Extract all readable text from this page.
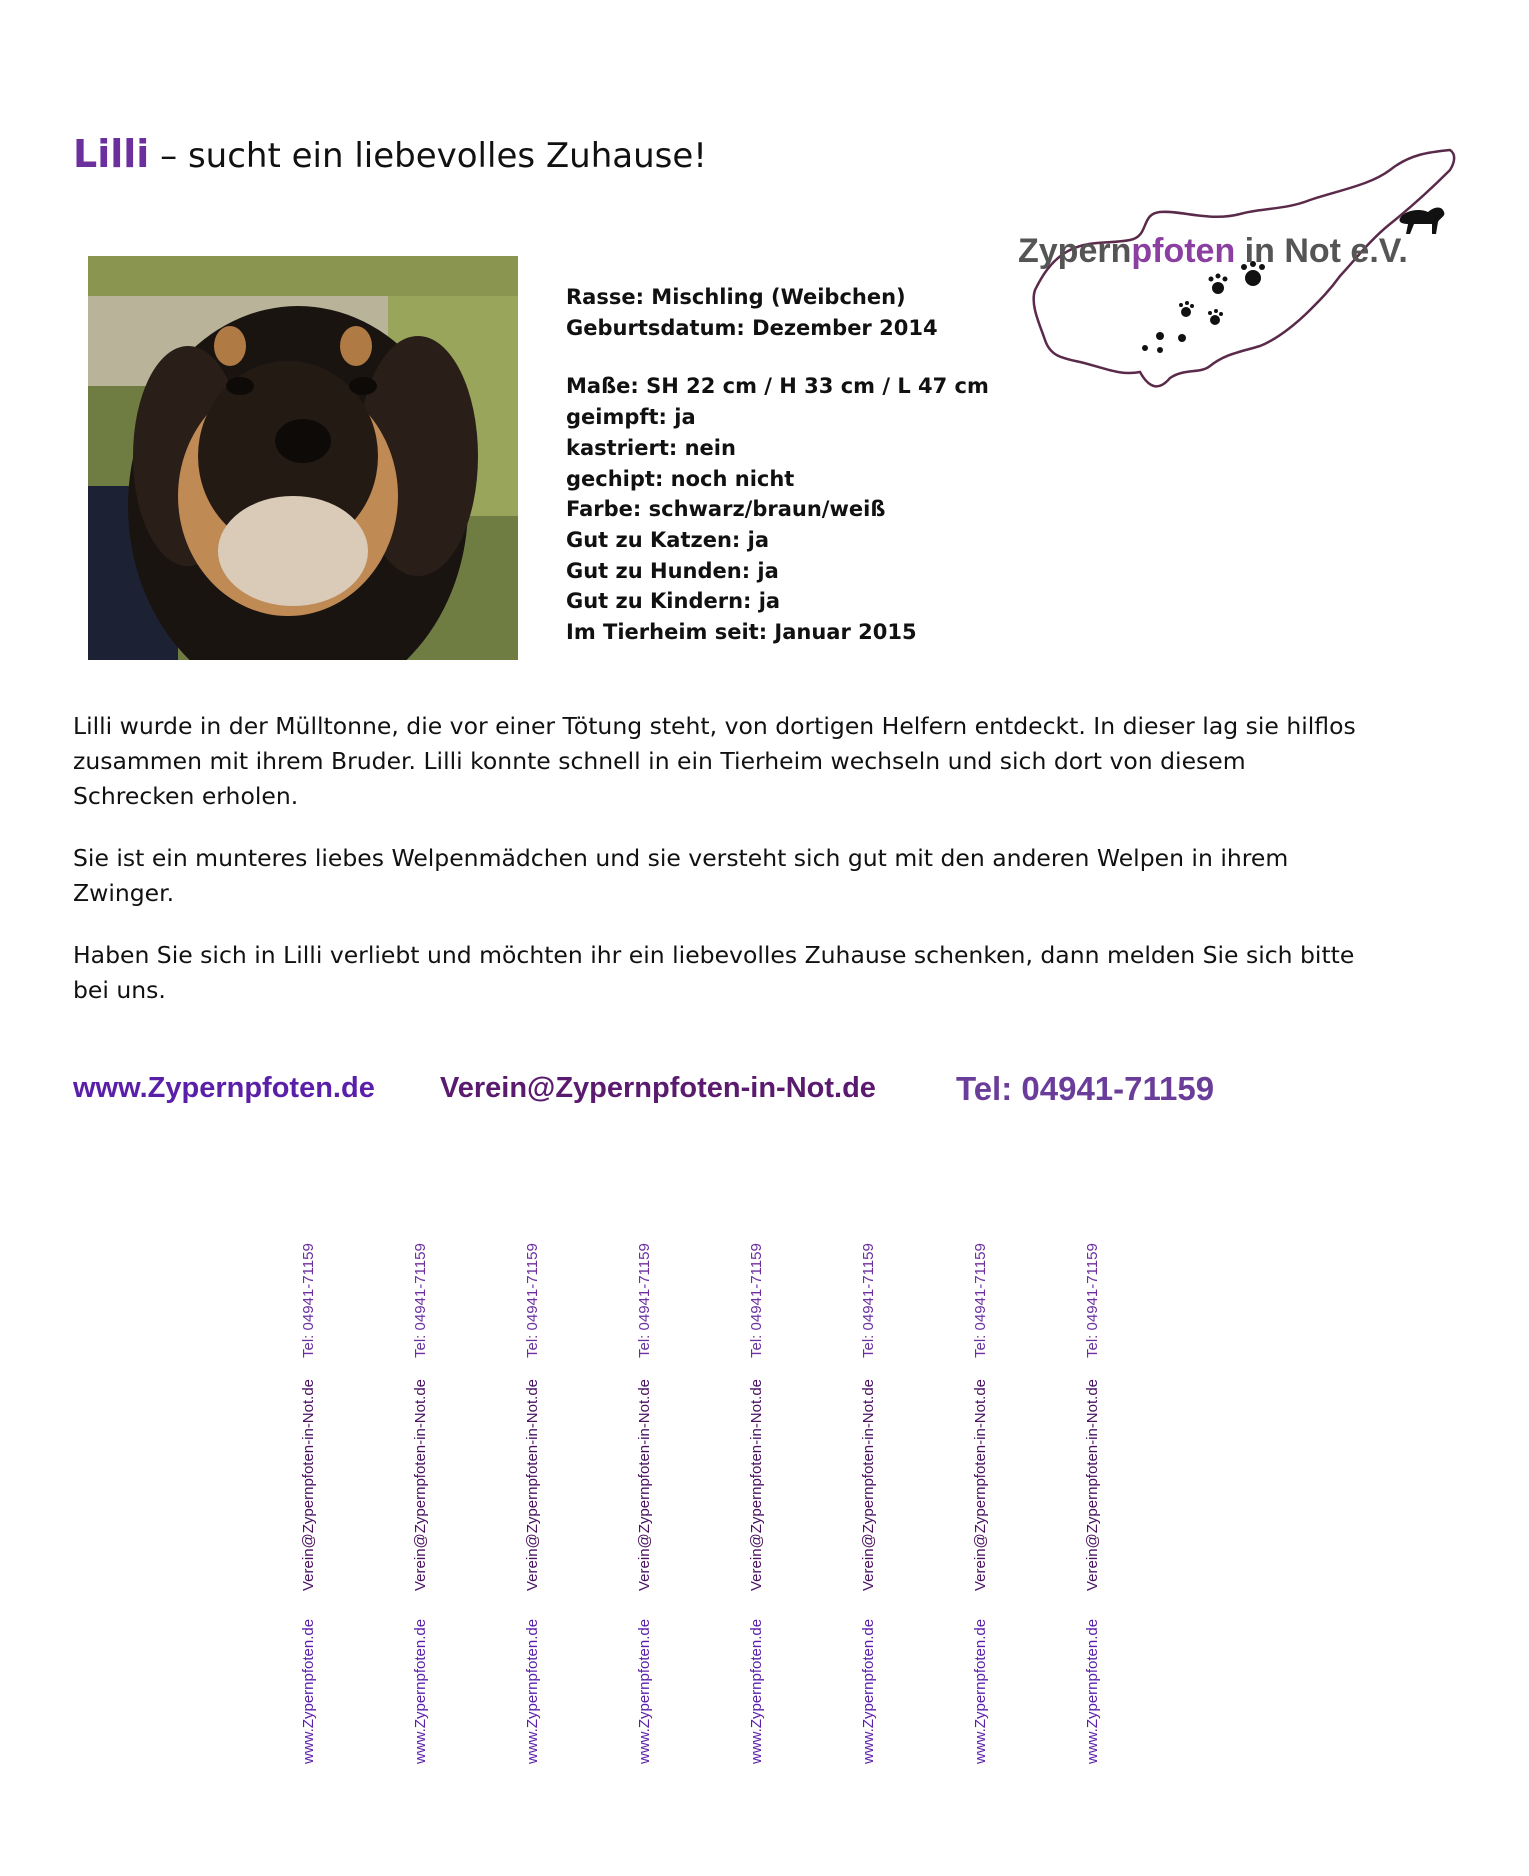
Lilli – sucht ein liebevolles Zuhause!
Zypernpfoten in Not e.V.
Rasse: Mischling (Weibchen)
Geburtsdatum: Dezember 2014
Maße: SH 22 cm / H 33 cm / L 47 cm
geimpft: ja
kastriert: nein
gechipt: noch nicht
Farbe: schwarz/braun/weiß
Gut zu Katzen: ja
Gut zu Hunden: ja
Gut zu Kindern: ja
Im Tierheim seit: Januar 2015

Lilli wurde in der Mülltonne, die vor einer Tötung steht, von dortigen Helfern entdeckt. In dieser lag sie hilflos zusammen mit ihrem Bruder. Lilli konnte schnell in ein Tierheim wechseln und sich dort von diesem Schrecken erholen.

Sie ist ein munteres liebes Welpenmädchen und sie versteht sich gut mit den anderen Welpen in ihrem Zwinger.

Haben Sie sich in Lilli verliebt und möchten ihr ein liebevolles Zuhause schenken, dann melden Sie sich bitte bei uns.

www.Zypernpfoten.de Verein@Zypernpfoten-in-Not.de Tel: 04941-71159
Tel: 04941-71159
Verein@Zypernpfoten-in-Not.de
www.Zypernpfoten.de
Tel: 04941-71159
Verein@Zypernpfoten-in-Not.de
www.Zypernpfoten.de
Tel: 04941-71159
Verein@Zypernpfoten-in-Not.de
www.Zypernpfoten.de
Tel: 04941-71159
Verein@Zypernpfoten-in-Not.de
www.Zypernpfoten.de
Tel: 04941-71159
Verein@Zypernpfoten-in-Not.de
www.Zypernpfoten.de
Tel: 04941-71159
Verein@Zypernpfoten-in-Not.de
www.Zypernpfoten.de
Tel: 04941-71159
Verein@Zypernpfoten-in-Not.de
www.Zypernpfoten.de
Tel: 04941-71159
Verein@Zypernpfoten-in-Not.de
www.Zypernpfoten.de
